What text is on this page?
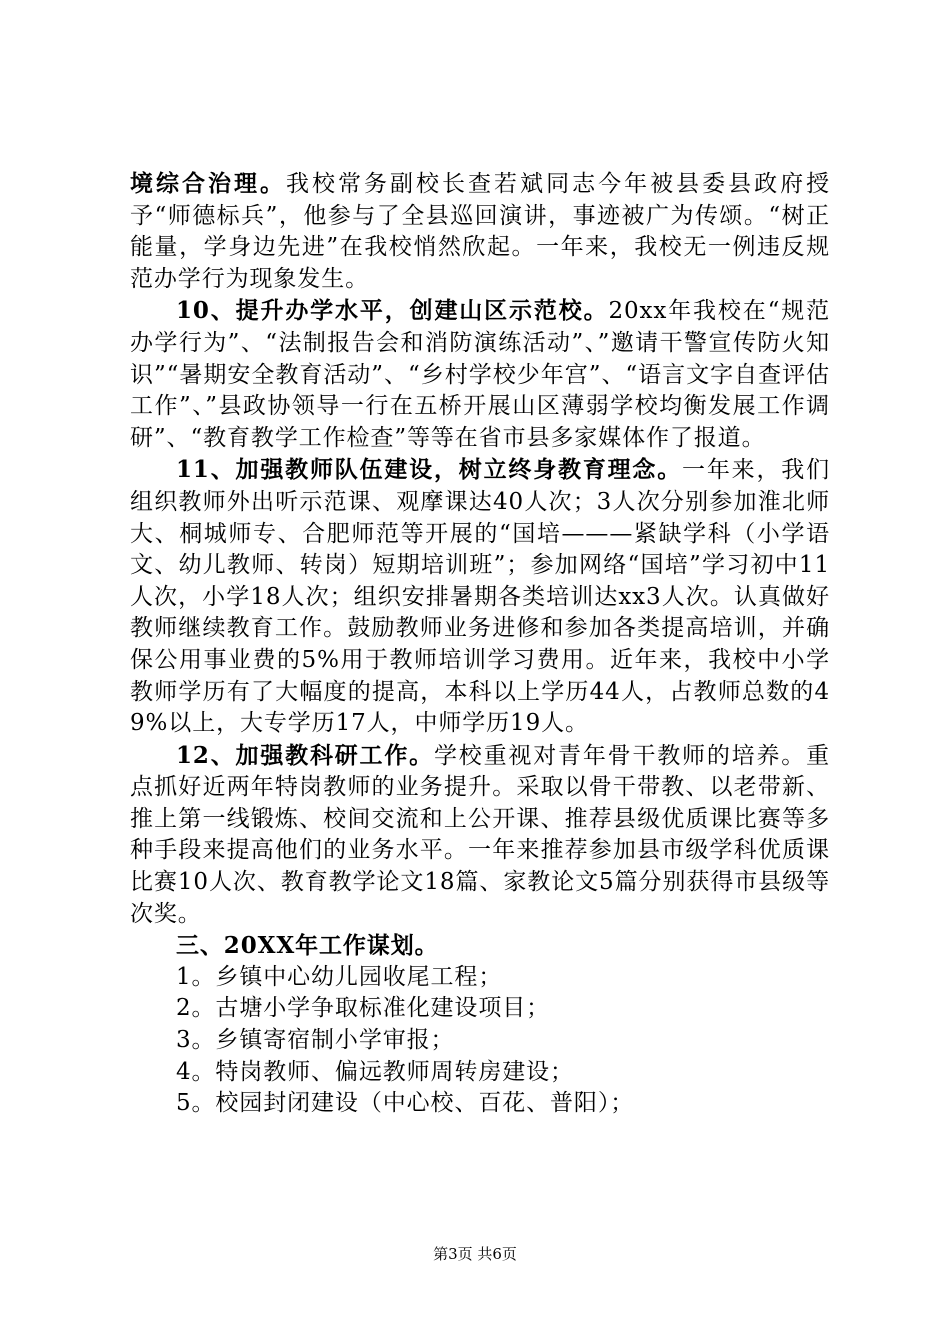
境综合治理。我校常务副校长查若斌同志今年被县委县政府授予“师德标兵”，他参与了全县巡回演讲，事迹被广为传颂。“树正能量，学身边先进”在我校悄然欣起。一年来，我校无一例违反规范办学行为现象发生。

10、提升办学水平，创建山区示范校。20xx年我校在“规范办学行为”、“法制报告会和消防演练活动”、”邀请干警宣传防火知识”“暑期安全教育活动”、“乡村学校少年宫”、“语言文字自查评估工作”、”县政协领导一行在五桥开展山区薄弱学校均衡发展工作调研”、“教育教学工作检查”等等在省市县多家媒体作了报道。

11、加强教师队伍建设，树立终身教育理念。一年来，我们组织教师外出听示范课、观摩课达40人次；3人次分别参加淮北师大、桐城师专、合肥师范等开展的“国培———紧缺学科（小学语文、幼儿教师、转岗）短期培训班”；参加网络“国培”学习初中11人次，小学18人次；组织安排暑期各类培训达xx3人次。认真做好教师继续教育工作。鼓励教师业务进修和参加各类提高培训，并确保公用事业费的5%用于教师培训学习费用。近年来，我校中小学教师学历有了大幅度的提高，本科以上学历44人，占教师总数的49%以上，大专学历17人，中师学历19人。

12、加强教科研工作。学校重视对青年骨干教师的培养。重点抓好近两年特岗教师的业务提升。采取以骨干带教、以老带新、推上第一线锻炼、校间交流和上公开课、推荐县级优质课比赛等多种手段来提高他们的业务水平。一年来推荐参加县市级学科优质课比赛10人次、教育教学论文18篇、家教论文5篇分别获得市县级等次奖。

三、20XX年工作谋划。

1。乡镇中心幼儿园收尾工程；

2。古塘小学争取标准化建设项目；

3。乡镇寄宿制小学审报；

4。特岗教师、偏远教师周转房建设；

5。校园封闭建设（中心校、百花、普阳）；

第3页 共6页
